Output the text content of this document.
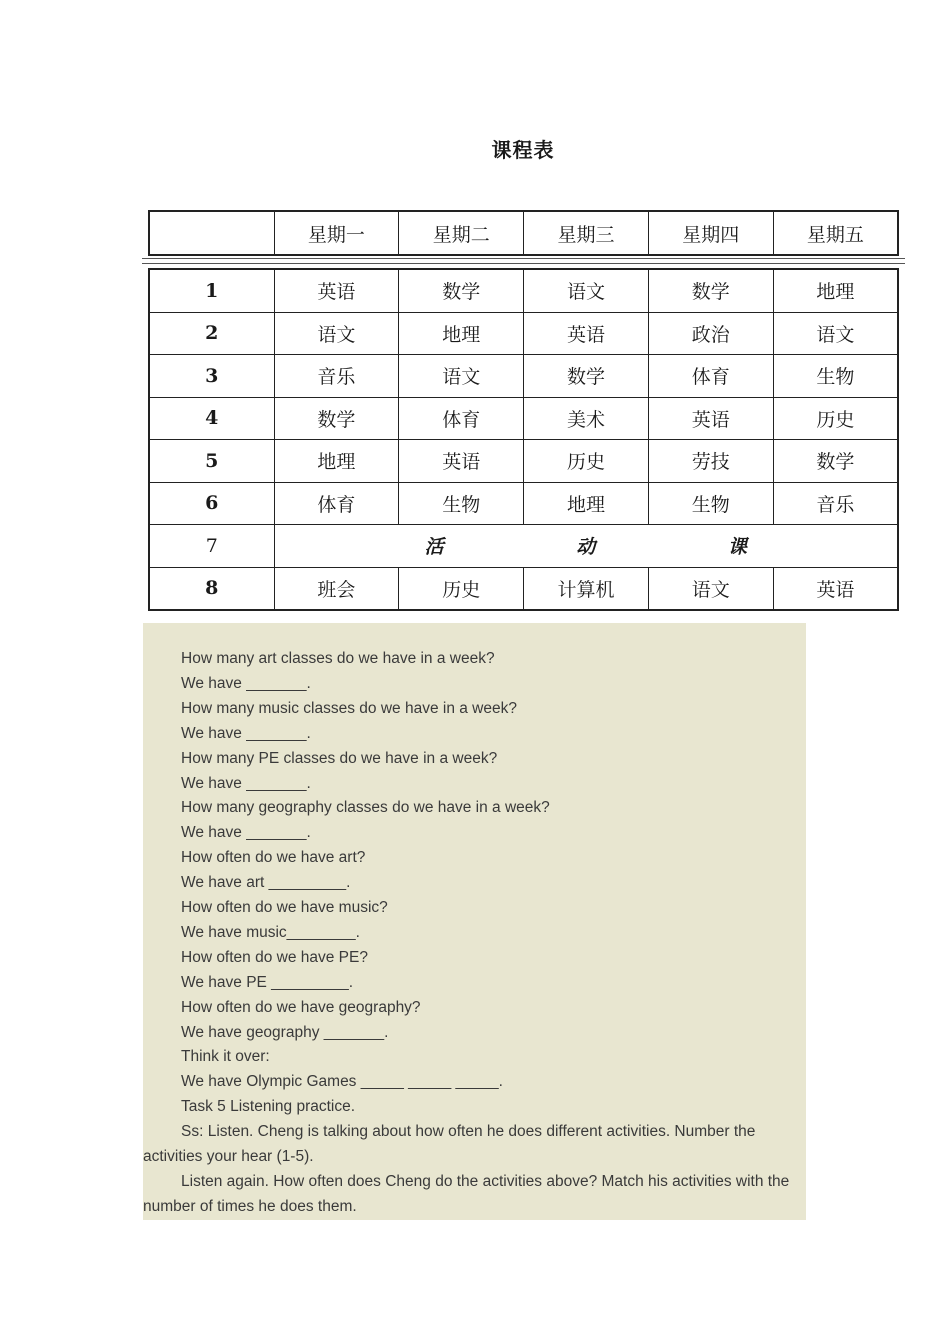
课程表
	星期一	星期二	星期三	星期四	星期五
1	英语	数学	语文	数学	地理
2	语文	地理	英语	政治	语文
3	音乐	语文	数学	体育	生物
4	数学	体育	美术	英语	历史
5	地理	英语	历史	劳技	数学
6	体育	生物	地理	生物	音乐
7	活 动 课				
8	班会	历史	计算机	语文	英语
How many art classes do we have in a week?
We have _______.
How many music classes do we have in a week?
We have _______.
How many PE classes do we have in a week?
We have _______.
How many geography classes do we have in a week?
We have _______.
How often do we have art?
We have art _________.
How often do we have music?
We have music________.
How often do we have PE?
We have PE _________.
How often do we have geography?
We have geography _______.
Think it over:
We have Olympic Games _____ _____ _____.
Task 5 Listening practice.
Ss: Listen. Cheng is talking about how often he does different activities. Number the activities your hear (1-5).
Listen again. How often does Cheng do the activities above? Match his activities with the number of times he does them.
